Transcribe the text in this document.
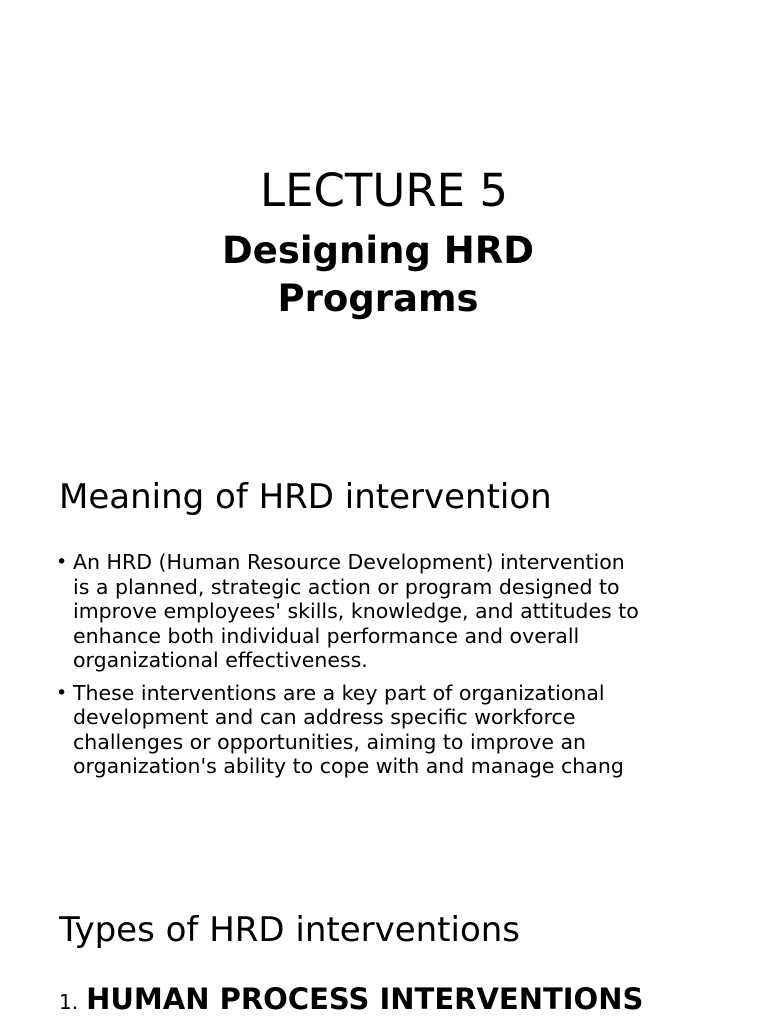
LECTURE 5
Designing HRD
Programs
Meaning of HRD intervention
• An HRD (Human Resource Development) intervention
is a planned, strategic action or program designed to
improve employees' skills, knowledge, and attitudes to
enhance both individual performance and overall
organizational effectiveness.
• These interventions are a key part of organizational
development and can address specific workforce
challenges or opportunities, aiming to improve an
organization's ability to cope with and manage chang
Types of HRD interventions
1. HUMAN PROCESS INTERVENTIONS
